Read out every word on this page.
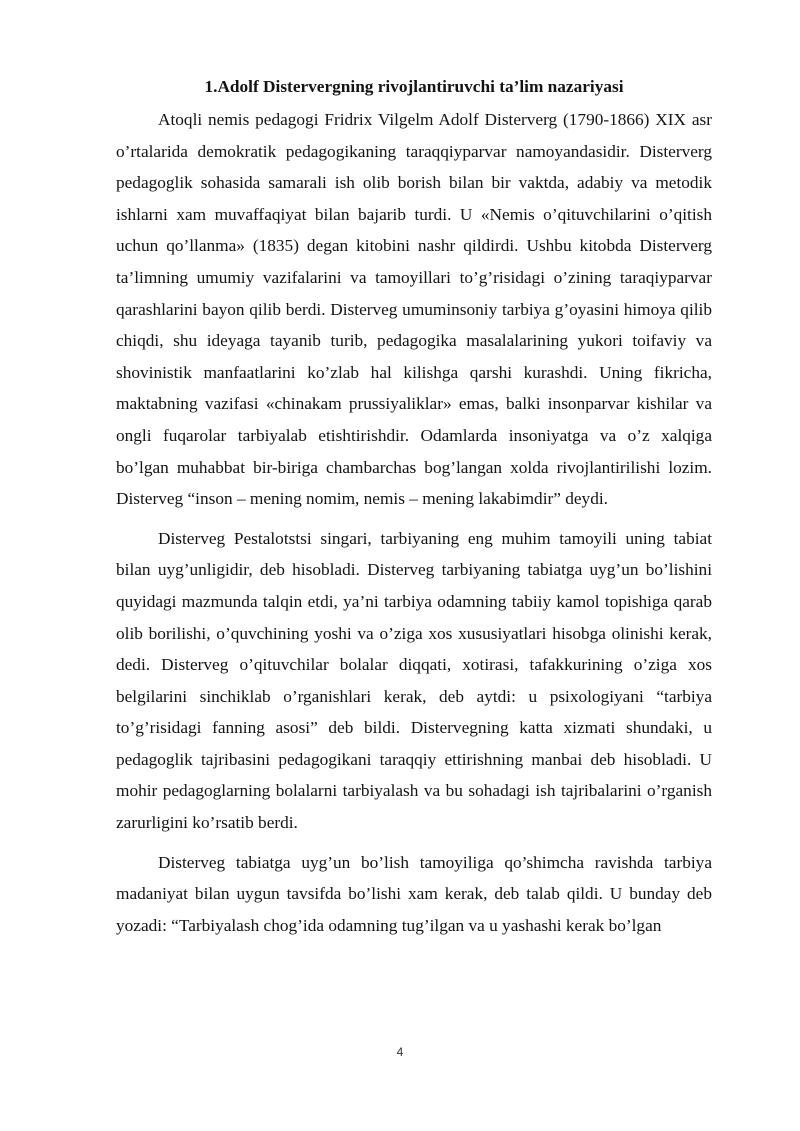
1.Adolf Distervergning rivojlantiruvchi ta’lim nazariyasi

Atoqli nemis pedagogi Fridrix Vilgelm Adolf Disterverg (1790-1866) XIX asr o’rtalarida demokratik pedagogikaning taraqqiyparvar namoyandasidir. Disterverg pedagoglik sohasida samarali ish olib borish bilan bir vaktda, adabiy va metodik ishlarni xam muvaffaqiyat bilan bajarib turdi. U «Nemis o’qituvchilarini o’qitish uchun qo’llanma» (1835) degan kitobini nashr qildirdi. Ushbu kitobda Disterverg ta’limning umumiy vazifalarini va tamoyillari to’g’risidagi o’zining taraqiyparvar qarashlarini bayon qilib berdi. Disterveg umuminsoniy tarbiya g’oyasini himoya qilib chiqdi, shu ideyaga tayanib turib, pedagogika masalalarining yukori toifaviy va shovinistik manfaatlarini ko’zlab hal kilishga qarshi kurashdi. Uning fikricha, maktabning vazifasi «chinakam prussiyaliklar» emas, balki insonparvar kishilar va ongli fuqarolar tarbiyalab etishtirishdir. Odamlarda insoniyatga va o’z xalqiga bo’lgan muhabbat bir-biriga chambarchas bog’langan xolda rivojlantirilishi lozim. Disterveg “inson – mening nomim, nemis – mening lakabimdir” deydi.

Disterveg Pestalotstsi singari, tarbiyaning eng muhim tamoyili uning tabiat bilan uyg’unligidir, deb hisobladi. Disterveg tarbiyaning tabiatga uyg’un bo’lishini quyidagi mazmunda talqin etdi, ya’ni tarbiya odamning tabiiy kamol topishiga qarab olib borilishi, o’quvchining yoshi va o’ziga xos xususiyatlari hisobga olinishi kerak, dedi. Disterveg o’qituvchilar bolalar diqqati, xotirasi, tafakkurining o’ziga xos belgilarini sinchiklab o’rganishlari kerak, deb aytdi: u psixologiyani “tarbiya to’g’risidagi fanning asosi” deb bildi. Distervegning katta xizmati shundaki, u pedagoglik tajribasini pedagogikani taraqqiy ettirishning manbai deb hisobladi. U mohir pedagoglarning bolalarni tarbiyalash va bu sohadagi ish tajribalarini o’rganish zarurligini ko’rsatib berdi.

Disterveg tabiatga uyg’un bo’lish tamoyiliga qo’shimcha ravishda tarbiya madaniyat bilan uygun tavsifda bo’lishi xam kerak, deb talab qildi. U bunday deb yozadi: “Tarbiyalash chog’ida odamning tug’ilgan va u yashashi kerak bo’lgan

4
